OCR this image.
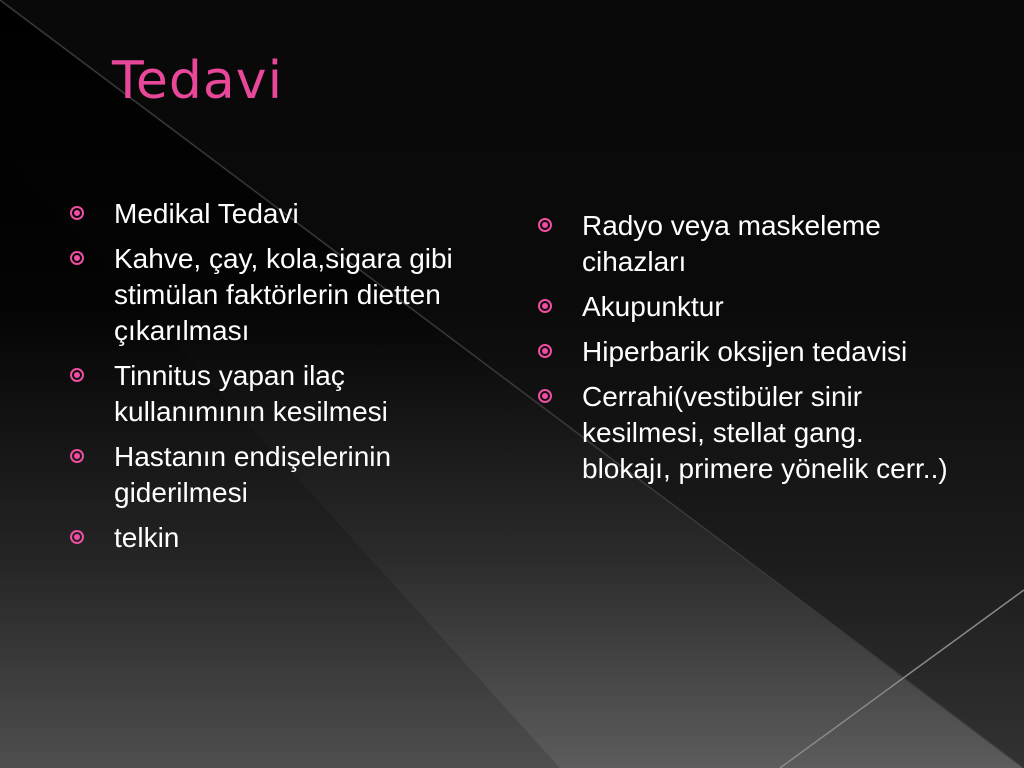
Tedavi
Medikal Tedavi
Kahve, çay, kola,sigara gibi stimülan faktörlerin dietten çıkarılması
Tinnitus yapan ilaç kullanımının kesilmesi
Hastanın endişelerinin giderilmesi
telkin
Radyo veya maskeleme cihazları
Akupunktur
Hiperbarik oksijen tedavisi
Cerrahi(vestibüler sinir kesilmesi, stellat gang. blokajı, primere yönelik cerr..)
